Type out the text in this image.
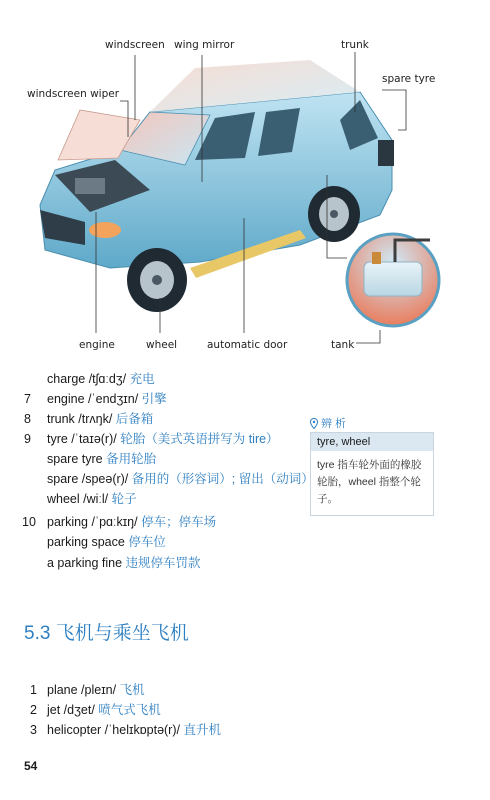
windscreen wing mirror	trunk
spare tyre
windscreen wiper
engine	wheel	automatic door	tank
charge /tʃɑːdʒ/ 充电
7	engine /ˈendʒɪn/ 引擎
8	trunk /trʌŋk/ 后备箱
9	tyre /ˈtaɪə(r)/ 轮胎（美式英语拼写为 tire）
spare tyre 备用轮胎
spare /speə(r)/ 备用的（形容词）; 留出（动词）
wheel /wiːl/ 轮子
10 parking /ˈpɑːkɪŋ/ 停车；停车场
parking space 停车位
a parking fine 违规停车罚款
辨 析
tyre, wheel
tyre 指车轮外面的橡胶轮胎，wheel 指整个轮子。
5.3 飞机与乘坐飞机
1 plane /pleɪn/ 飞机
2 jet /dʒet/ 喷气式飞机
3 helicopter /ˈhelɪkɒptə(r)/ 直升机
54
